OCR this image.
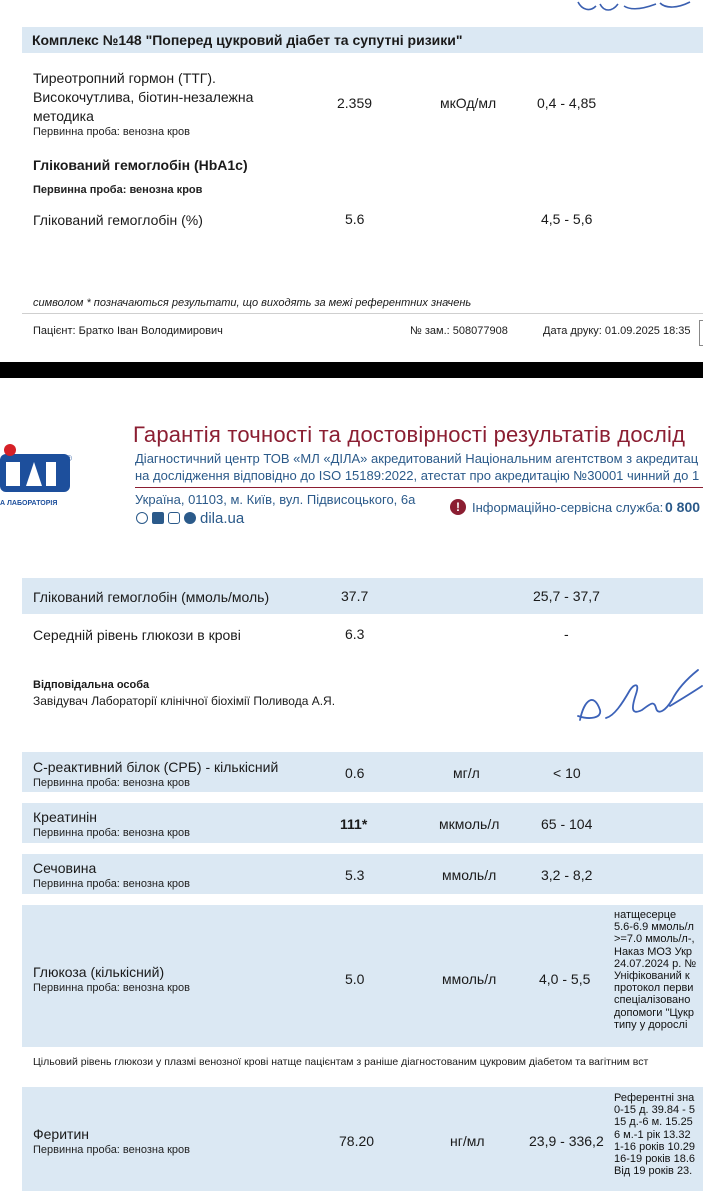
Комплекс №148 "Поперед цукровий діабет та супутні ризики"
Тиреотропний гормон (ТТГ).
Високочутлива, біотин-незалежна
методика
Первинна проба: венозна кров
2.359	мкОд/мл	0,4 - 4,85
Глікований гемоглобін (HbA1c)
Первинна проба: венозна кров
Глікований гемоглобін (%)	5.6	4,5 - 5,6
символом * позначаються результати, що виходять за межі референтних значень
Пацієнт: Братко Іван Володимирович	№ зам.: 508077908	Дата друку: 01.09.2025 18:35
®
А ЛАБОРАТОРІЯ
Гарантія точності та достовірності результатів дослід
Діагностичний центр ТОВ «МЛ «ДІЛА» акредитований Національним агентством з акредитац
на дослідження відповідно до ISO 15189:2022, атестат про акредитацію №30001 чинний до 1
Україна, 01103, м. Київ, вул. Підвисоцького, 6а	! Інформаційно-сервісна служба: 0 800
dila.ua
Глікований гемоглобін (ммоль/моль)	37.7	25,7 - 37,7
Середній рівень глюкози в крові	6.3	-
Відповідальна особа
Завідувач Лабораторії клінічної біохімії Поливода А.Я.
С-реактивний білок (СРБ) - кількісний
Первинна проба: венозна кров
0.6	мг/л	< 10
Креатинін
Первинна проба: венозна кров
111*	мкмоль/л	65 - 104
Сечовина
Первинна проба: венозна кров
5.3	ммоль/л	3,2 - 8,2
Глюкоза (кількісний)
Первинна проба: венозна кров
5.0	ммоль/л	4,0 - 5,5
натщесерце
5.6-6.9 ммоль/л
>=7.0 ммоль/л-,
Наказ МОЗ Укр
24.07.2024 р. №
Уніфікований к
протокол перви
спеціалізовано
допомоги "Цукр
типу у дорослі
Цільовий рівень глюкози у плазмі венозної крові натще пацієнтам з раніше діагностованим цукровим діабетом та вагітним вст
Феритин
Первинна проба: венозна кров
78.20	нг/мл	23,9 - 336,2
Референтні зна
0-15 д. 39.84 - 5
15 д.-6 м. 15.25
6 м.-1 рік 13.32
1-16 років 10.29
16-19 років 18.6
Від 19 років 23.
